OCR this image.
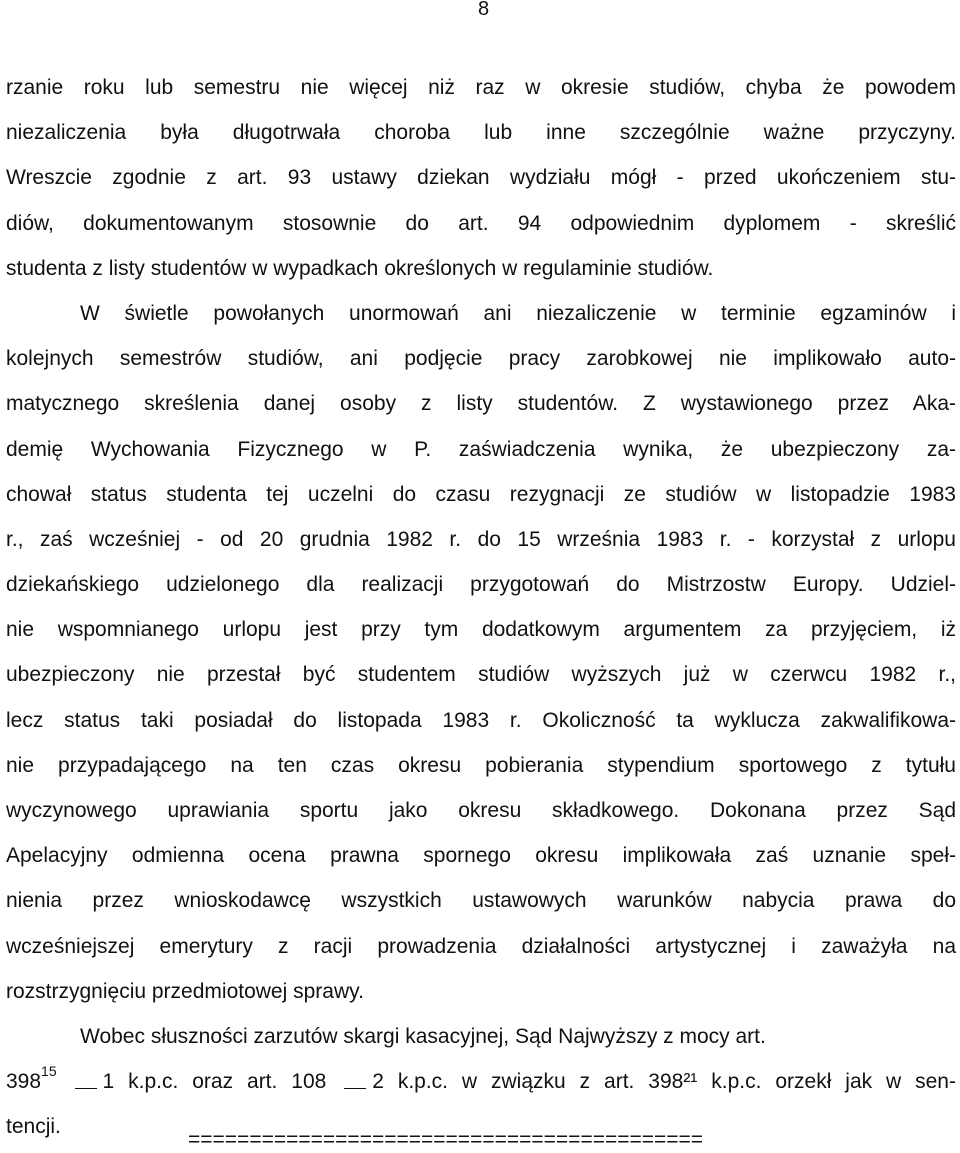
8
rzanie roku lub semestru nie więcej niż raz w okresie studiów, chyba że powodem
niezaliczenia była długotrwała choroba lub inne szczególnie ważne przyczyny.
Wreszcie zgodnie z art. 93 ustawy dziekan wydziału mógł - przed ukończeniem stu-
diów, dokumentowanym stosownie do art. 94 odpowiednim dyplomem - skreślić
studenta z listy studentów w wypadkach określonych w regulaminie studiów.
W świetle powołanych unormowań ani niezaliczenie w terminie egzaminów i
kolejnych semestrów studiów, ani podjęcie pracy zarobkowej nie implikowało auto-
matycznego skreślenia danej osoby z listy studentów. Z wystawionego przez Aka-
demię Wychowania Fizycznego w P. zaświadczenia wynika, że ubezpieczony za-
chował status studenta tej uczelni do czasu rezygnacji ze studiów w listopadzie 1983
r., zaś wcześniej - od 20 grudnia 1982 r. do 15 września 1983 r. - korzystał z urlopu
dziekańskiego udzielonego dla realizacji przygotowań do Mistrzostw Europy. Udziel-
nie wspomnianego urlopu jest przy tym dodatkowym argumentem za przyjęciem, iż
ubezpieczony nie przestał być studentem studiów wyższych już w czerwcu 1982 r.,
lecz status taki posiadał do listopada 1983 r. Okoliczność ta wyklucza zakwalifikowa-
nie przypadającego na ten czas okresu pobierania stypendium sportowego z tytułu
wyczynowego uprawiania sportu jako okresu składkowego. Dokonana przez Sąd
Apelacyjny odmienna ocena prawna spornego okresu implikowała zaś uznanie speł-
nienia przez wnioskodawcę wszystkich ustawowych warunków nabycia prawa do
wcześniejszej emerytury z racji prowadzenia działalności artystycznej i zaważyła na
rozstrzygnięciu przedmiotowej sprawy.
Wobec słuszności zarzutów skargi kasacyjnej, Sąd Najwyższy z mocy art.
$398^{15}$ 1 k.p.c. oraz art. 108 2 k.p.c. w związku z art. 398²¹ k.p.c. orzekł jak w sen-
tencji.
==========================================
